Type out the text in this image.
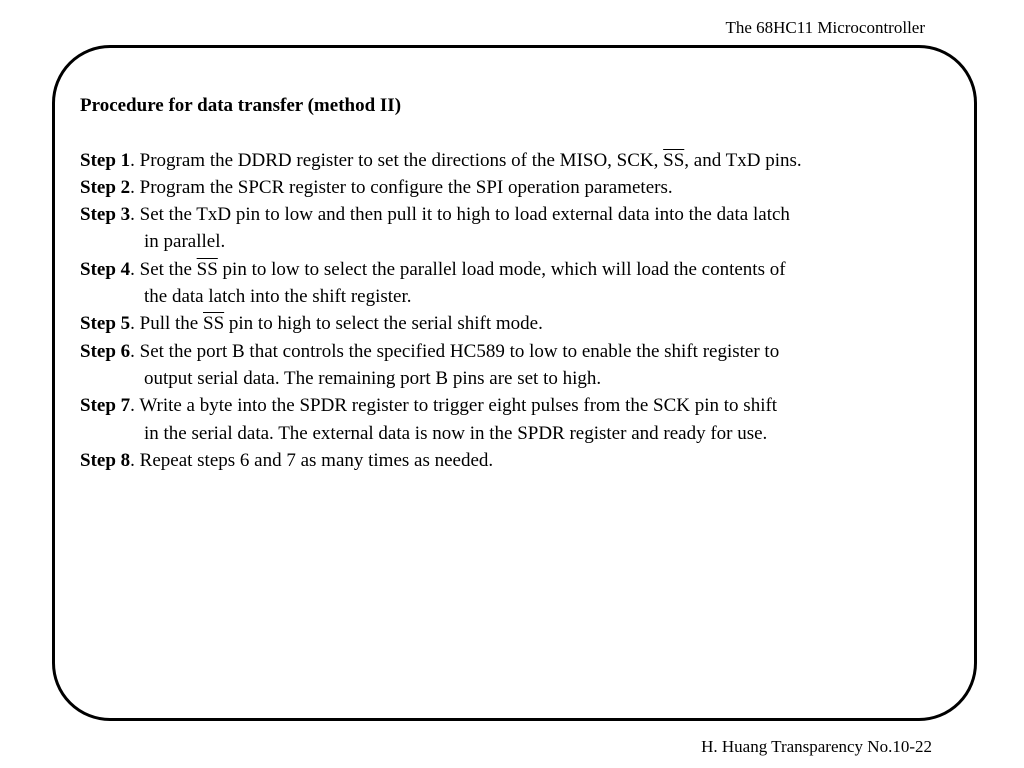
The 68HC11 Microcontroller
Procedure for data transfer (method II)
Step 1. Program the DDRD register to set the directions of the MISO, SCK, $\overline{SS}$, and TxD pins.
Step 2. Program the SPCR register to configure the SPI operation parameters.
Step 3. Set the TxD pin to low and then pull it to high to load external data into the data latch
in parallel.
Step 4. Set the $\overline{SS}$ pin to low to select the parallel load mode, which will load the contents of
the data latch into the shift register.
Step 5. Pull the $\overline{SS}$ pin to high to select the serial shift mode.
Step 6. Set the port B that controls the specified HC589 to low to enable the shift register to
output serial data. The remaining port B pins are set to high.
Step 7. Write a byte into the SPDR register to trigger eight pulses from the SCK pin to shift
in the serial data. The external data is now in the SPDR register and ready for use.
Step 8. Repeat steps 6 and 7 as many times as needed.
H. Huang Transparency No.10-22
